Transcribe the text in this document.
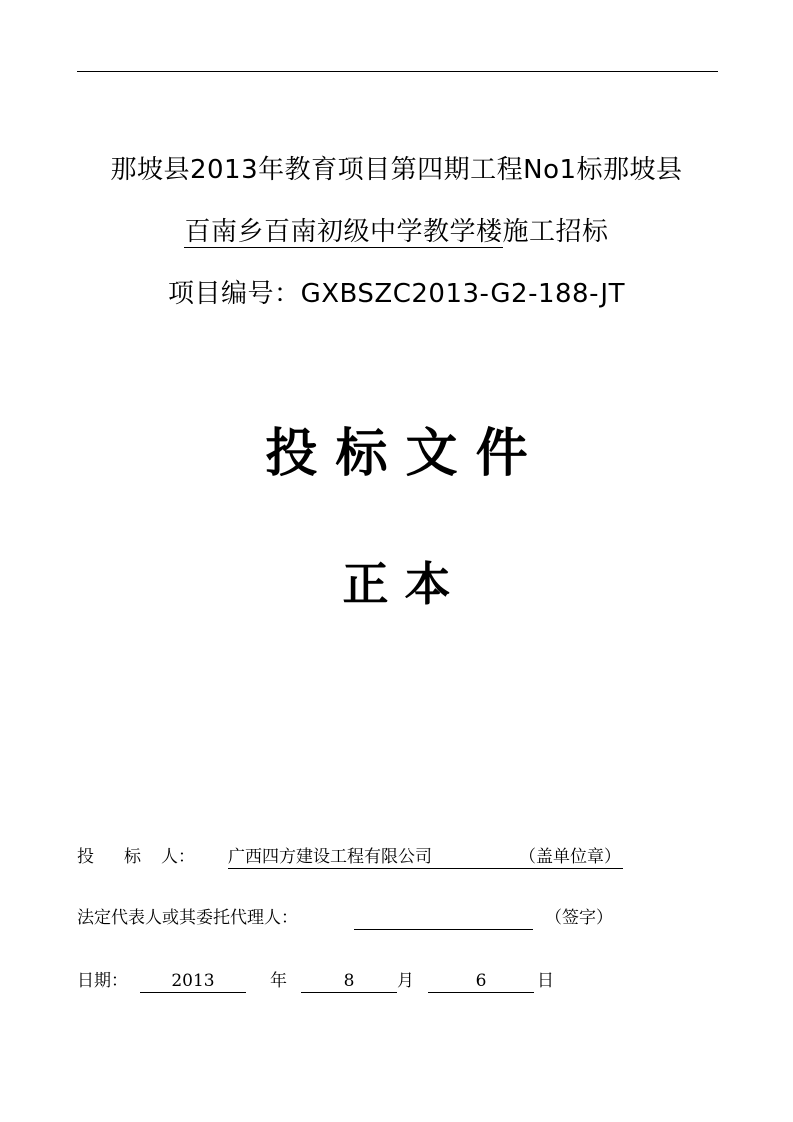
那坡县2013年教育项目第四期工程No1标那坡县
百南乡百南初级中学教学楼施工招标
项目编号：GXBSZC2013-G2-188-JT
投 标 文 件
正 本
投 标 人： 广西四方建设工程有限公司	（盖单位章）
法定代表人或其委托代理人：	（签字）
日期：	2013	年	8	月	6	日
